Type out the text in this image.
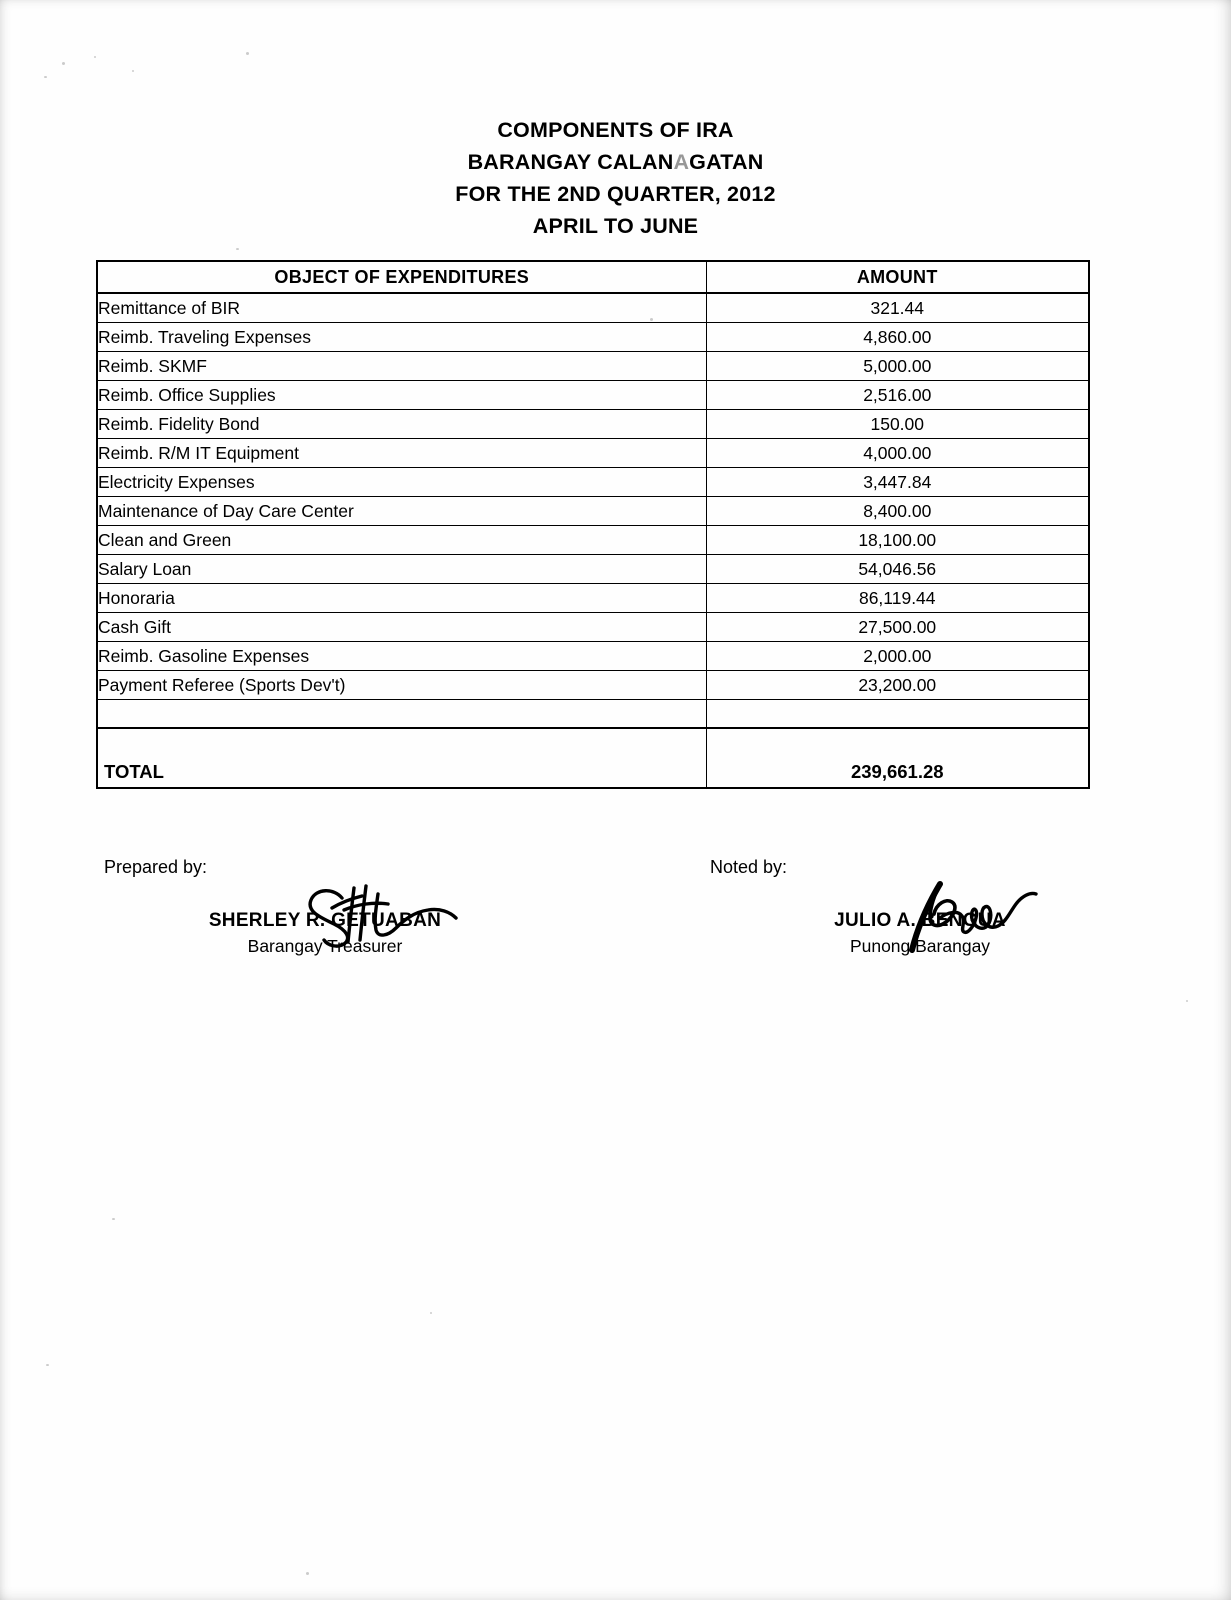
COMPONENTS OF IRA
BARANGAY CALANAGATAN
FOR THE 2ND QUARTER, 2012
APRIL TO JUNE
OBJECT OF EXPENDITURES	AMOUNT
Remittance of BIR	321.44
Reimb. Traveling Expenses	4,860.00
Reimb. SKMF	5,000.00
Reimb. Office Supplies	2,516.00
Reimb. Fidelity Bond	150.00
Reimb. R/M IT Equipment	4,000.00
Electricity Expenses	3,447.84
Maintenance of Day Care Center	8,400.00
Clean and Green	18,100.00
Salary Loan	54,046.56
Honoraria	86,119.44
Cash Gift	27,500.00
Reimb. Gasoline Expenses	2,000.00
Payment Referee (Sports Dev't)	23,200.00

TOTAL	239,661.28
Prepared by:
SHERLEY R. GETUABAN
Barangay Treasurer
Noted by:
JULIO A. BENGUA
Punong Barangay
